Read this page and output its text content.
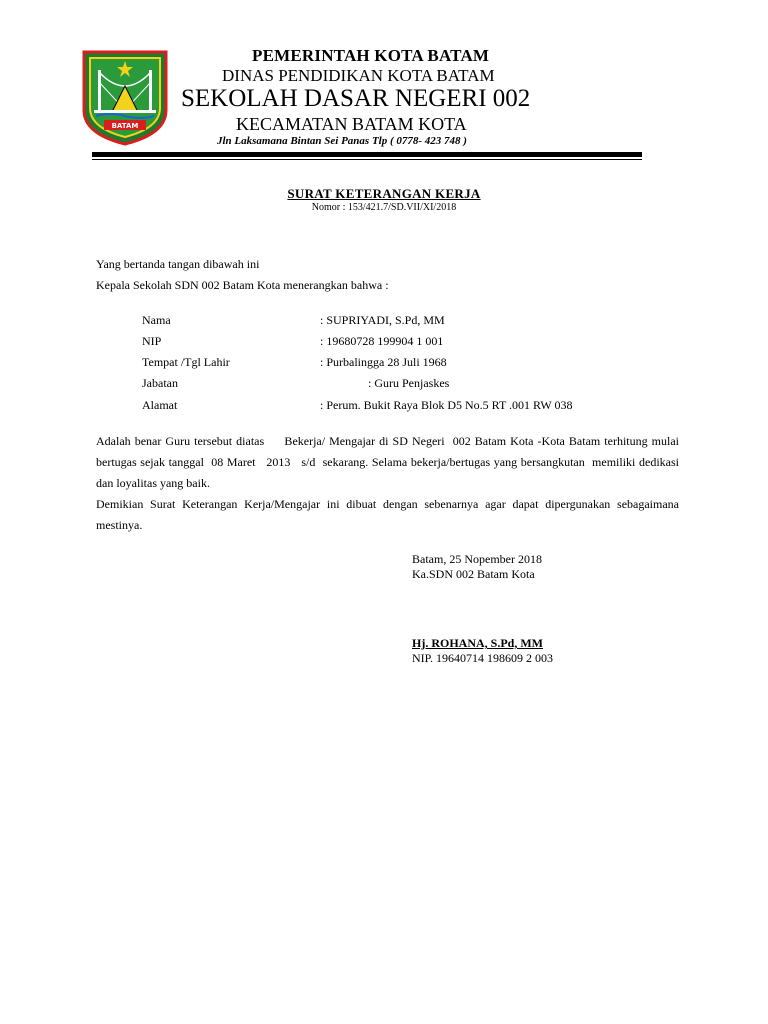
BATAM
PEMERINTAH KOTA BATAM
DINAS PENDIDIKAN KOTA BATAM
SEKOLAH DASAR NEGERI 002
KECAMATAN BATAM KOTA
Jln Laksamana Bintan Sei Panas Tlp ( 0778- 423 748 )
SURAT KETERANGAN KERJA
Nomor : 153/421.7/SD.VII/XI/2018
Yang bertanda tangan dibawah ini
Kepala Sekolah SDN 002 Batam Kota menerangkan bahwa :
Nama	: SUPRIYADI, S.Pd, MM
NIP	: 19680728 199904 1 001
Tempat /Tgl Lahir	: Purbalingga 28 Juli 1968
Jabatan	: Guru Penjaskes
Alamat	: Perum. Bukit Raya Blok D5 No.5 RT .001 RW 038
Adalah benar Guru tersebut diatas     Bekerja/ Mengajar di SD Negeri  002 Batam Kota -Kota Batam terhitung mulai bertugas sejak tanggal  08 Maret   2013   s/d  sekarang. Selama bekerja/bertugas yang bersangkutan  memiliki dedikasi dan loyalitas yang baik.
Demikian Surat Keterangan Kerja/Mengajar ini dibuat dengan sebenarnya agar dapat dipergunakan sebagaimana mestinya.
Batam, 25 Nopember 2018
Ka.SDN 002 Batam Kota
Hj. ROHANA, S.Pd, MM
NIP. 19640714 198609 2 003
